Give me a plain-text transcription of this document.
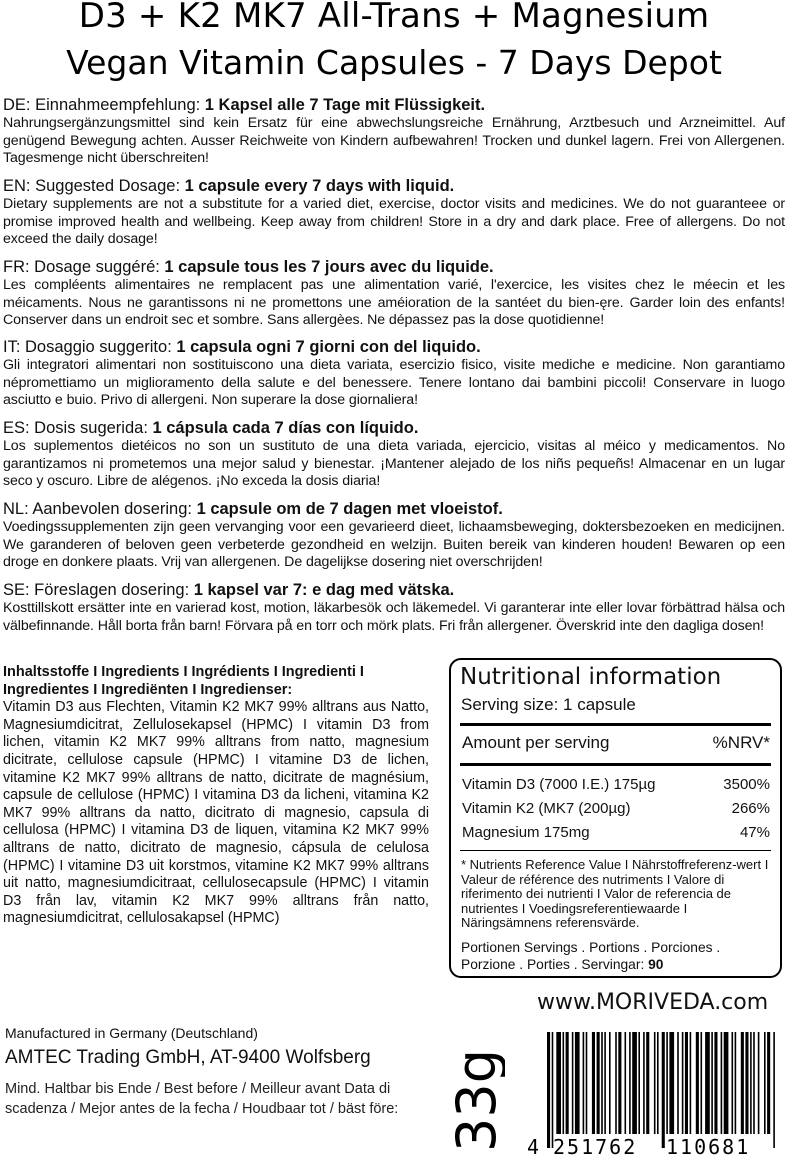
D3 + K2 MK7 All-Trans + Magnesium
Vegan Vitamin Capsules - 7 Days Depot
DE: Einnahmeempfehlung: 1 Kapsel alle 7 Tage mit Flüssigkeit.
Nahrungsergänzungsmittel sind kein Ersatz für eine abwechslungsreiche Ernährung, Arztbesuch und Arzneimittel. Auf genügend Bewegung achten. Ausser Reichweite von Kindern aufbewahren! Trocken und dunkel lagern. Frei von Allergenen. Tagesmenge nicht überschreiten!
EN: Suggested Dosage: 1 capsule every 7 days with liquid.
Dietary supplements are not a substitute for a varied diet, exercise, doctor visits and medicines. We do not guaranteee or promise improved health and wellbeing. Keep away from children! Store in a dry and dark place. Free of allergens. Do not exceed the daily dosage!
FR: Dosage suggéré: 1 capsule tous les 7 jours avec du liquide.
Les compléents alimentaires ne remplacent pas une alimentation varié, l'exercice, les visites chez le méecin et les méicaments. Nous ne garantissons ni ne promettons une améioration de la santéet du bien-ęre. Garder loin des enfants! Conserver dans un endroit sec et sombre. Sans allergèes. Ne dépassez pas la dose quotidienne!
IT: Dosaggio suggerito: 1 capsula ogni 7 giorni con del liquido.
Gli integratori alimentari non sostituiscono una dieta variata, esercizio fisico, visite mediche e medicine. Non garantiamo népromettiamo un miglioramento della salute e del benessere. Tenere lontano dai bambini piccoli! Conservare in luogo asciutto e buio. Privo di allergeni. Non superare la dose giornaliera!
ES: Dosis sugerida: 1 cápsula cada 7 días con líquido.
Los suplementos dietéicos no son un sustituto de una dieta variada, ejercicio, visitas al méico y medicamentos. No garantizamos ni prometemos una mejor salud y bienestar. ¡Mantener alejado de los niñs pequeñs! Almacenar en un lugar seco y oscuro. Libre de alégenos. ¡No exceda la dosis diaria!
NL: Aanbevolen dosering: 1 capsule om de 7 dagen met vloeistof.
Voedingssupplementen zijn geen vervanging voor een gevarieerd dieet, lichaamsbeweging, doktersbezoeken en medicijnen. We garanderen of beloven geen verbeterde gezondheid en welzijn. Buiten bereik van kinderen houden! Bewaren op een droge en donkere plaats. Vrij van allergenen. De dagelijkse dosering niet overschrijden!
SE: Föreslagen dosering: 1 kapsel var 7: e dag med vätska.
Kosttillskott ersätter inte en varierad kost, motion, läkarbesök och läkemedel. Vi garanterar inte eller lovar förbättrad hälsa och välbefinnande. Håll borta från barn! Förvara på en torr och mörk plats. Fri från allergener. Överskrid inte den dagliga dosen!
Inhaltsstoffe I Ingredients I Ingrédients I Ingredienti I Ingredientes I Ingrediënten I Ingredienser:
Vitamin D3 aus Flechten, Vitamin K2 MK7 99% alltrans aus Natto, Magnesiumdicitrat, Zellulosekapsel (HPMC) I vitamin D3 from lichen, vitamin K2 MK7 99% alltrans from natto, magnesium dicitrate, cellulose capsule (HPMC) I vitamine D3 de lichen, vitamine K2 MK7 99% alltrans de natto, dicitrate de magnésium, capsule de cellulose (HPMC) I vitamina D3 da licheni, vitamina K2 MK7 99% alltrans da natto, dicitrato di magnesio, capsula di cellulosa (HPMC) I vitamina D3 de liquen, vitamina K2 MK7 99% alltrans de natto, dicitrato de magnesio, cápsula de celulosa (HPMC) I vitamine D3 uit korstmos, vitamine K2 MK7 99% alltrans uit natto, magnesiumdicitraat, cellulosecapsule (HPMC) I vitamin D3 från lav, vitamin K2 MK7 99% alltrans från natto, magnesiumdicitrat, cellulosakapsel (HPMC)
Nutritional information
Serving size: 1 capsule
Amount per serving	%NRV*
Vitamin D3 (7000 I.E.) 175µg	3500%
Vitamin K2 (MK7 (200µg)	266%
Magnesium 175mg	47%
* Nutrients Reference Value I Nährstoffreferenz-wert I Valeur de référence des nutriments I Valore di riferimento dei nutrienti I Valor de referencia de nutrientes I Voedingsreferentiewaarde I Näringsämnens referensvärde.
Portionen Servings . Portions . Porciones .
Porzione . Porties . Servingar: 90
www.MORIVEDA.com
Manufactured in Germany (Deutschland)
AMTEC Trading GmbH, AT-9400 Wolfsberg
Mind. Haltbar bis Ende / Best before / Meilleur avant Data di scadenza / Mejor antes de la fecha / Houdbaar tot / bäst före: 33g 4 251762 110681
